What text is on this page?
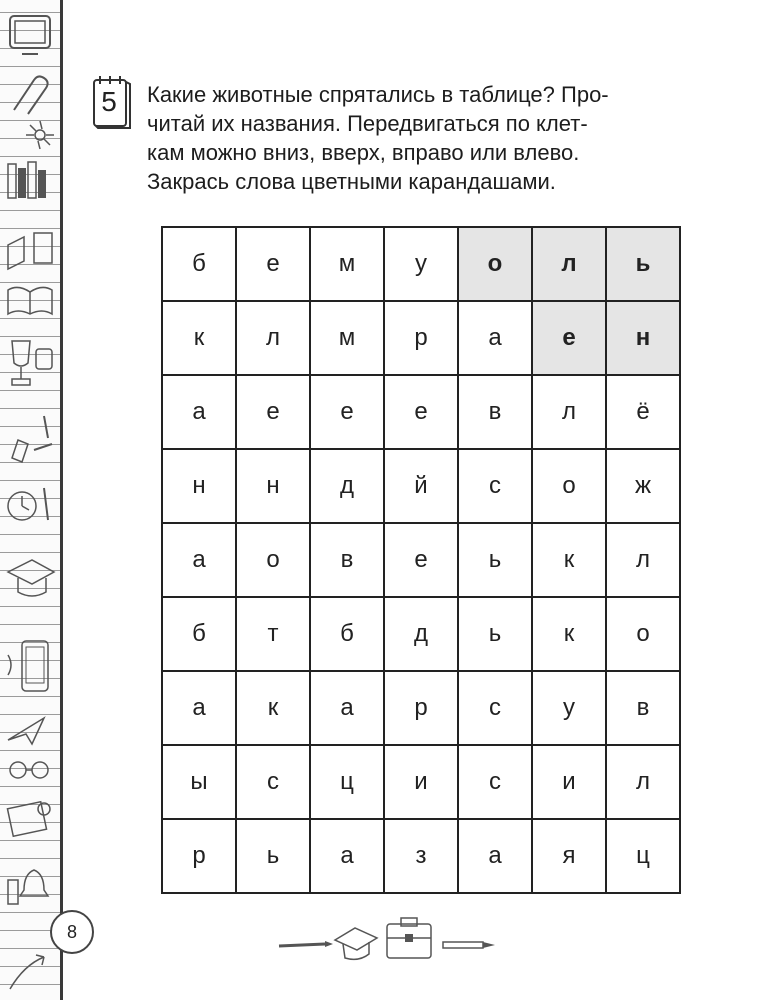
5	Какие животные спрятались в таблице? Про-
читай их названия. Передвигаться по клет-
кам можно вниз, вверх, вправо или влево.
Закрась слова цветными карандашами.
б	е	м	у	о	л	ь
к	л	м	р	а	е	н
а	е	е	е	в	л	ё
н	н	д	й	с	о	ж
а	о	в	е	ь	к	л
б	т	б	д	ь	к	о
а	к	а	р	с	у	в
ы	с	ц	и	с	и	л
р	ь	а	з	а	я	ц
8
